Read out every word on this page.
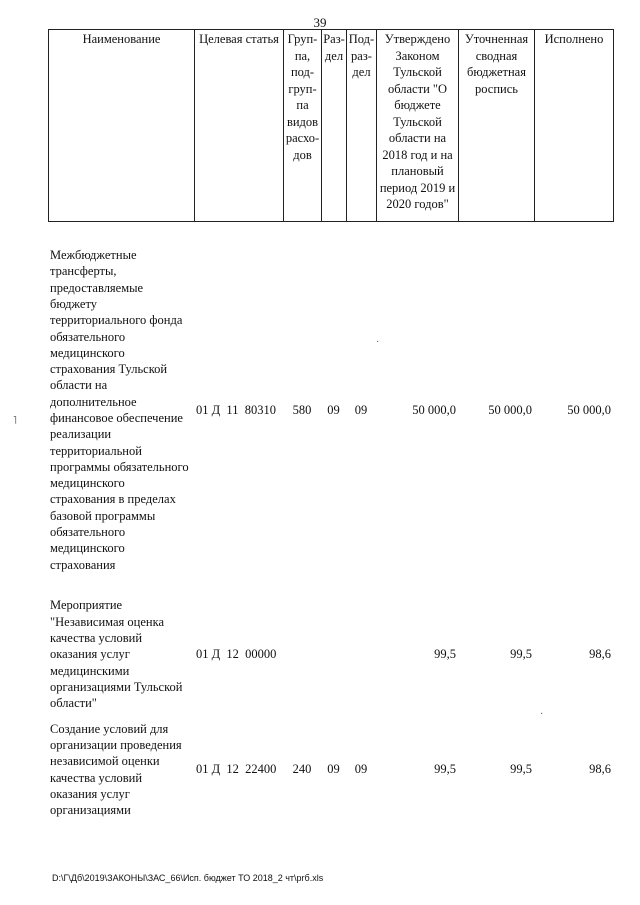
39
Наименование	Целевая статья	Груп-па, под-груп-па видов расхо-дов	Раз-дел	Под-раз-дел	Утверждено Законом Тульской области "О бюджете Тульской области на 2018 год и на плановый период 2019 и 2020 годов"	Уточненная сводная бюджетная роспись	Исполнено
Межбюджетные трансферты, предоставляемые бюджету территориального фонда обязательного медицинского страхования Тульской области на дополнительное финансовое обеспечение реализации территориальной программы обязательного медицинского страхования в пределах базовой программы обязательного медицинского страхования	01 Д  11  80310	580	09	09	50 000,0	50 000,0	50 000,0
Мероприятие "Независимая оценка качества условий оказания услуг медицинскими организациями Тульской области"	01 Д  12  00000				99,5	99,5	98,6
Создание условий для организации проведения независимой оценки качества условий оказания услуг организациями	01 Д  12  22400	240	09	09	99,5	99,5	98,6
D:\Г\Дб\2019\ЗАКОНЫ\ЗАС_66\Исп. бюджет ТО 2018_2 чт\prб.xls
˥
·
·
